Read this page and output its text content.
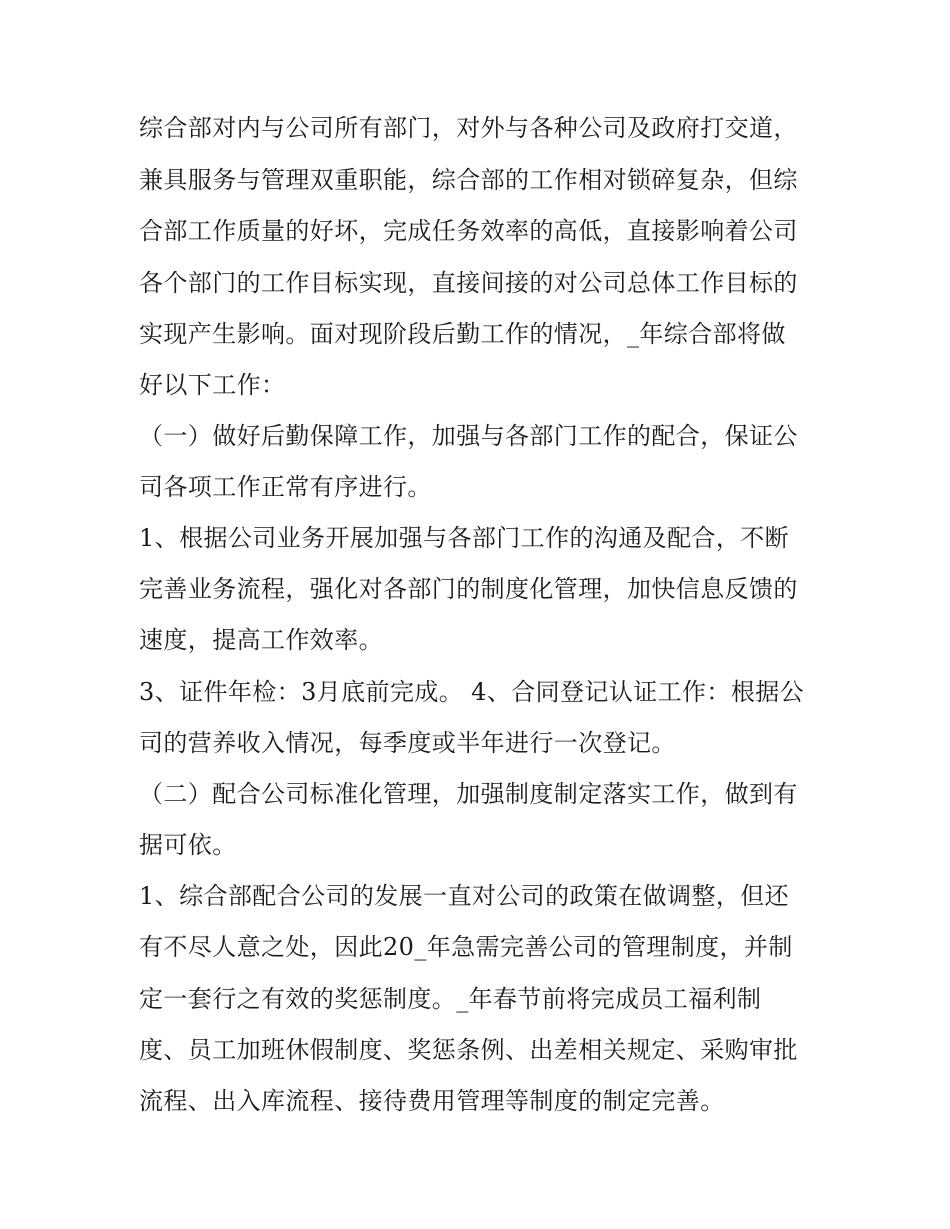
综合部对内与公司所有部门，对外与各种公司及政府打交道，
兼具服务与管理双重职能，综合部的工作相对锁碎复杂，但综
合部工作质量的好坏，完成任务效率的高低，直接影响着公司
各个部门的工作目标实现，直接间接的对公司总体工作目标的
实现产生影响。面对现阶段后勤工作的情况，_年综合部将做
好以下工作：
（一）做好后勤保障工作，加强与各部门工作的配合，保证公
司各项工作正常有序进行。
1、根据公司业务开展加强与各部门工作的沟通及配合，不断
完善业务流程，强化对各部门的制度化管理，加快信息反馈的
速度，提高工作效率。
3、证件年检：3月底前完成。 4、合同登记认证工作：根据公
司的营养收入情况，每季度或半年进行一次登记。
（二）配合公司标准化管理，加强制度制定落实工作，做到有
据可依。
1、综合部配合公司的发展一直对公司的政策在做调整，但还
有不尽人意之处，因此20_年急需完善公司的管理制度，并制
定一套行之有效的奖惩制度。_年春节前将完成员工福利制
度、员工加班休假制度、奖惩条例、出差相关规定、采购审批
流程、出入库流程、接待费用管理等制度的制定完善。
